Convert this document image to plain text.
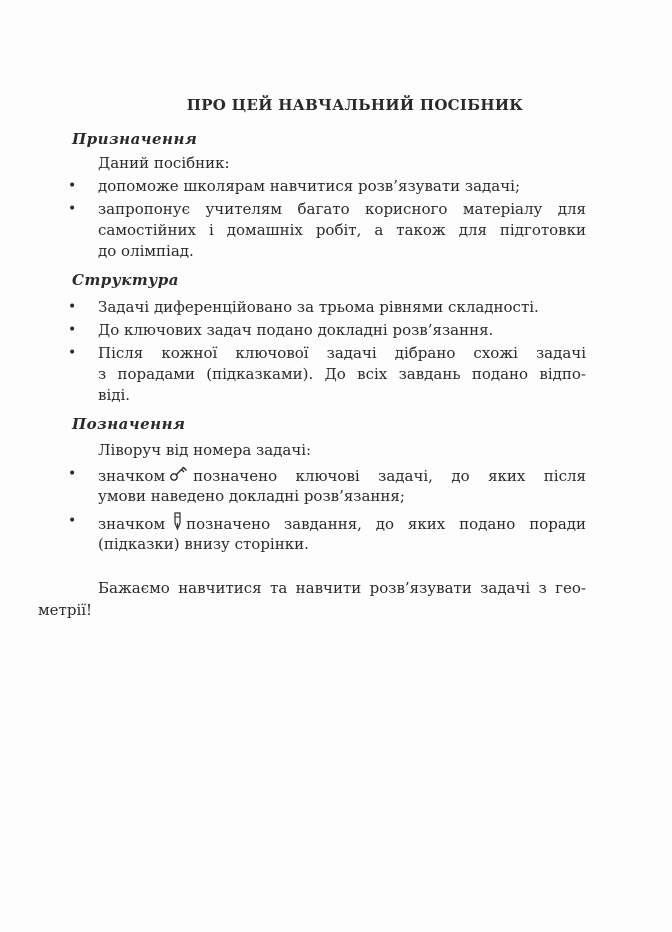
ПРО ЦЕЙ НАВЧАЛЬНИЙ ПОСІБНИК
Призначення
Даний посібник:
• допоможе школярам навчитися розв’язувати задачі;
• запропонує учителям багато корисного матеріалу для
самостійних і домашніх робіт, а також для підготовки
до олімпіад.
Структура
• Задачі диференційовано за трьома рівнями складності.
• До ключових задач подано докладні розв’язання.
• Після кожної ключової задачі дібрано схожі задачі
з порадами (підказками). До всіх завдань подано відпо-
віді.
Позначення
Ліворуч від номера задачі:
• значком позначено ключові задачі, до яких після
умови наведено докладні розв’язання;
• значком позначено завдання, до яких подано поради
(підказки) внизу сторінки.
Бажаємо навчитися та навчити розв’язувати задачі з гео-
метрії!
